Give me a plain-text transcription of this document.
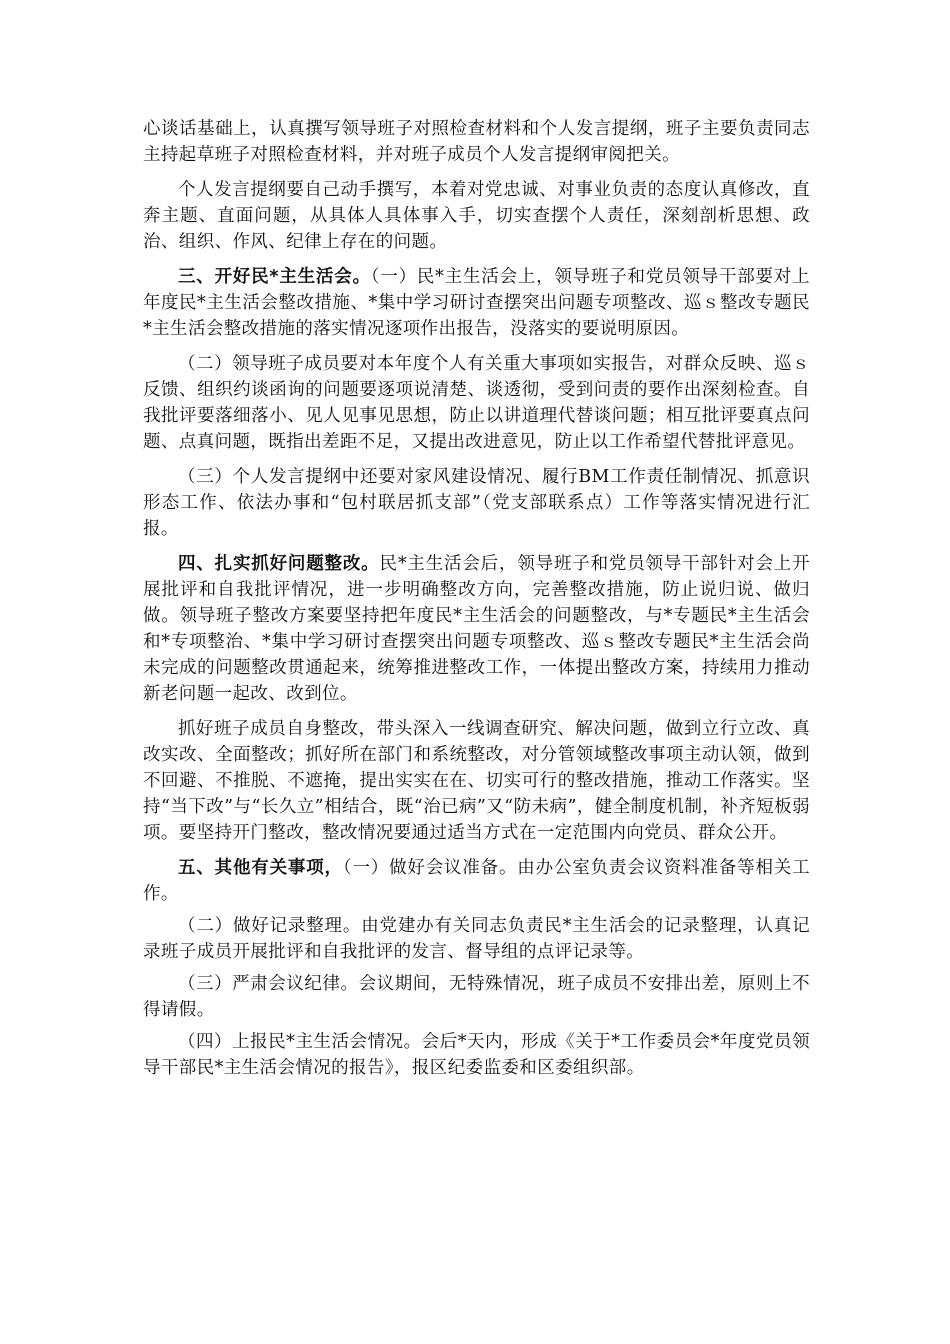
心谈话基础上，认真撰写领导班子对照检查材料和个人发言提纲，班子主要负责同志主持起草班子对照检查材料，并对班子成员个人发言提纲审阅把关。

个人发言提纲要自己动手撰写，本着对党忠诚、对事业负责的态度认真修改，直奔主题、直面问题，从具体人具体事入手，切实查摆个人责任，深刻剖析思想、政治、组织、作风、纪律上存在的问题。

三、开好民*主生活会。（一）民*主生活会上，领导班子和党员领导干部要对上年度民*主生活会整改措施、*集中学习研讨查摆突出问题专项整改、巡ｓ整改专题民*主生活会整改措施的落实情况逐项作出报告，没落实的要说明原因。

（二）领导班子成员要对本年度个人有关重大事项如实报告，对群众反映、巡ｓ反馈、组织约谈函询的问题要逐项说清楚、谈透彻，受到问责的要作出深刻检查。自我批评要落细落小、见人见事见思想，防止以讲道理代替谈问题；相互批评要真点问题、点真问题，既指出差距不足，又提出改进意见，防止以工作希望代替批评意见。

（三）个人发言提纲中还要对家风建设情况、履行BM工作责任制情况、抓意识形态工作、依法办事和“包村联居抓支部”（党支部联系点）工作等落实情况进行汇报。

四、扎实抓好问题整改。民*主生活会后，领导班子和党员领导干部针对会上开展批评和自我批评情况，进一步明确整改方向，完善整改措施，防止说归说、做归做。领导班子整改方案要坚持把年度民*主生活会的问题整改，与*专题民*主生活会和*专项整治、*集中学习研讨查摆突出问题专项整改、巡ｓ整改专题民*主生活会尚未完成的问题整改贯通起来，统筹推进整改工作，一体提出整改方案，持续用力推动新老问题一起改、改到位。

抓好班子成员自身整改，带头深入一线调查研究、解决问题，做到立行立改、真改实改、全面整改；抓好所在部门和系统整改，对分管领域整改事项主动认领，做到不回避、不推脱、不遮掩，提出实实在在、切实可行的整改措施，推动工作落实。坚持“当下改”与“长久立”相结合，既“治已病”又“防未病”，健全制度机制，补齐短板弱项。要坚持开门整改，整改情况要通过适当方式在一定范围内向党员、群众公开。

五、其他有关事项，（一）做好会议准备。由办公室负责会议资料准备等相关工作。

（二）做好记录整理。由党建办有关同志负责民*主生活会的记录整理，认真记录班子成员开展批评和自我批评的发言、督导组的点评记录等。

（三）严肃会议纪律。会议期间，无特殊情况，班子成员不安排出差，原则上不得请假。

（四）上报民*主生活会情况。会后*天内，形成《关于*工作委员会*年度党员领导干部民*主生活会情况的报告》，报区纪委监委和区委组织部。
